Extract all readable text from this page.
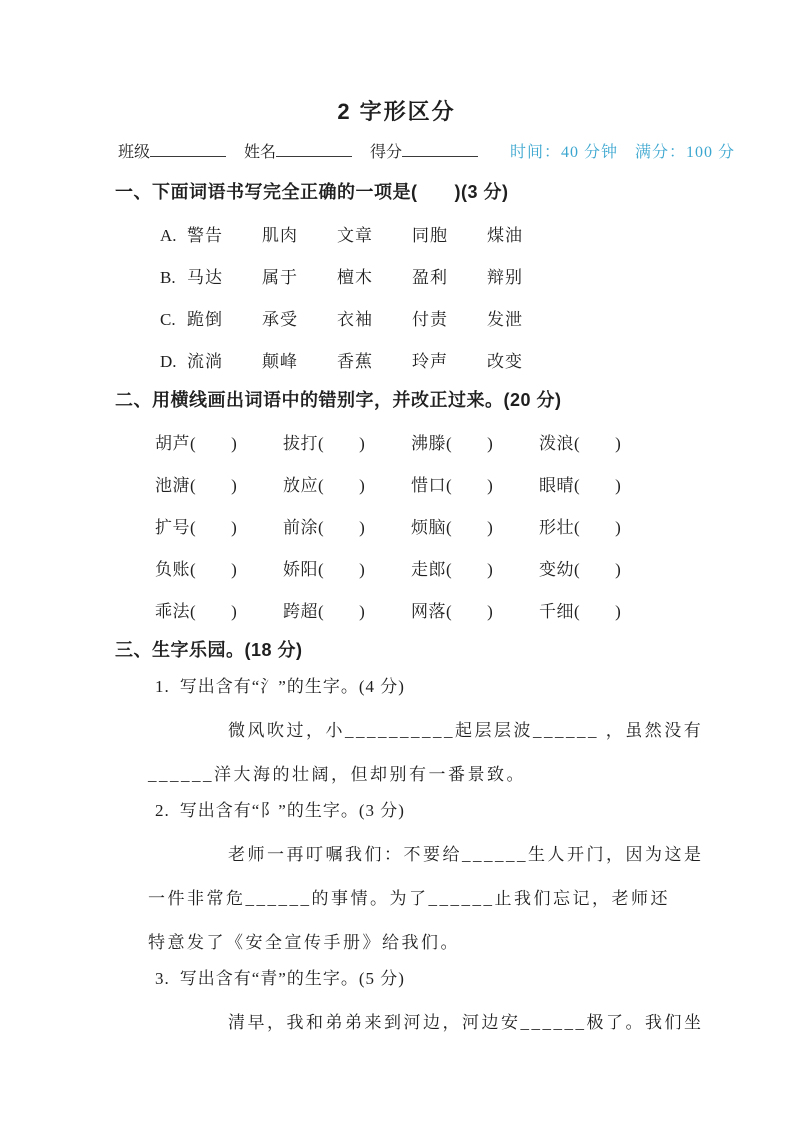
2 字形区分
班级	姓名	得分	时间：40 分钟　满分：100 分
一、下面词语书写完全正确的一项是(　　)(3 分)
A. 警告	肌肉	文章	同胞	煤油
B. 马达	属于	檀木	盈利	辩别
C. 跪倒	承受	衣袖	付责	发泄
D. 流淌	颠峰	香蕉	玲声	改变
二、用横线画出词语中的错别字，并改正过来。(20 分)
胡芦(　　)	拔打(　　)	沸滕(　　)	泼浪(　　)
池溏(　　)	放应(　　)	惜口(　　)	眼晴(　　)
扩号(　　)	前涂(　　)	烦脑(　　)	形壮(　　)
负账(　　)	娇阳(　　)	走郎(　　)	变幼(　　)
乖法(　　)	跨超(　　)	网落(　　)	千细(　　)
三、生字乐园。(18 分)
1. 写出含有“氵”的生字。(4 分)
微风吹过，小__________起层层波______ ，虽然没有
______洋大海的壮阔，但却别有一番景致。
2. 写出含有“阝”的生字。(3 分)
老师一再叮嘱我们：不要给______生人开门，因为这是
一件非常危______的事情。为了______止我们忘记，老师还
特意发了《安全宣传手册》给我们。
3. 写出含有“青”的生字。(5 分)
清早，我和弟弟来到河边，河边安______极了。我们坐
